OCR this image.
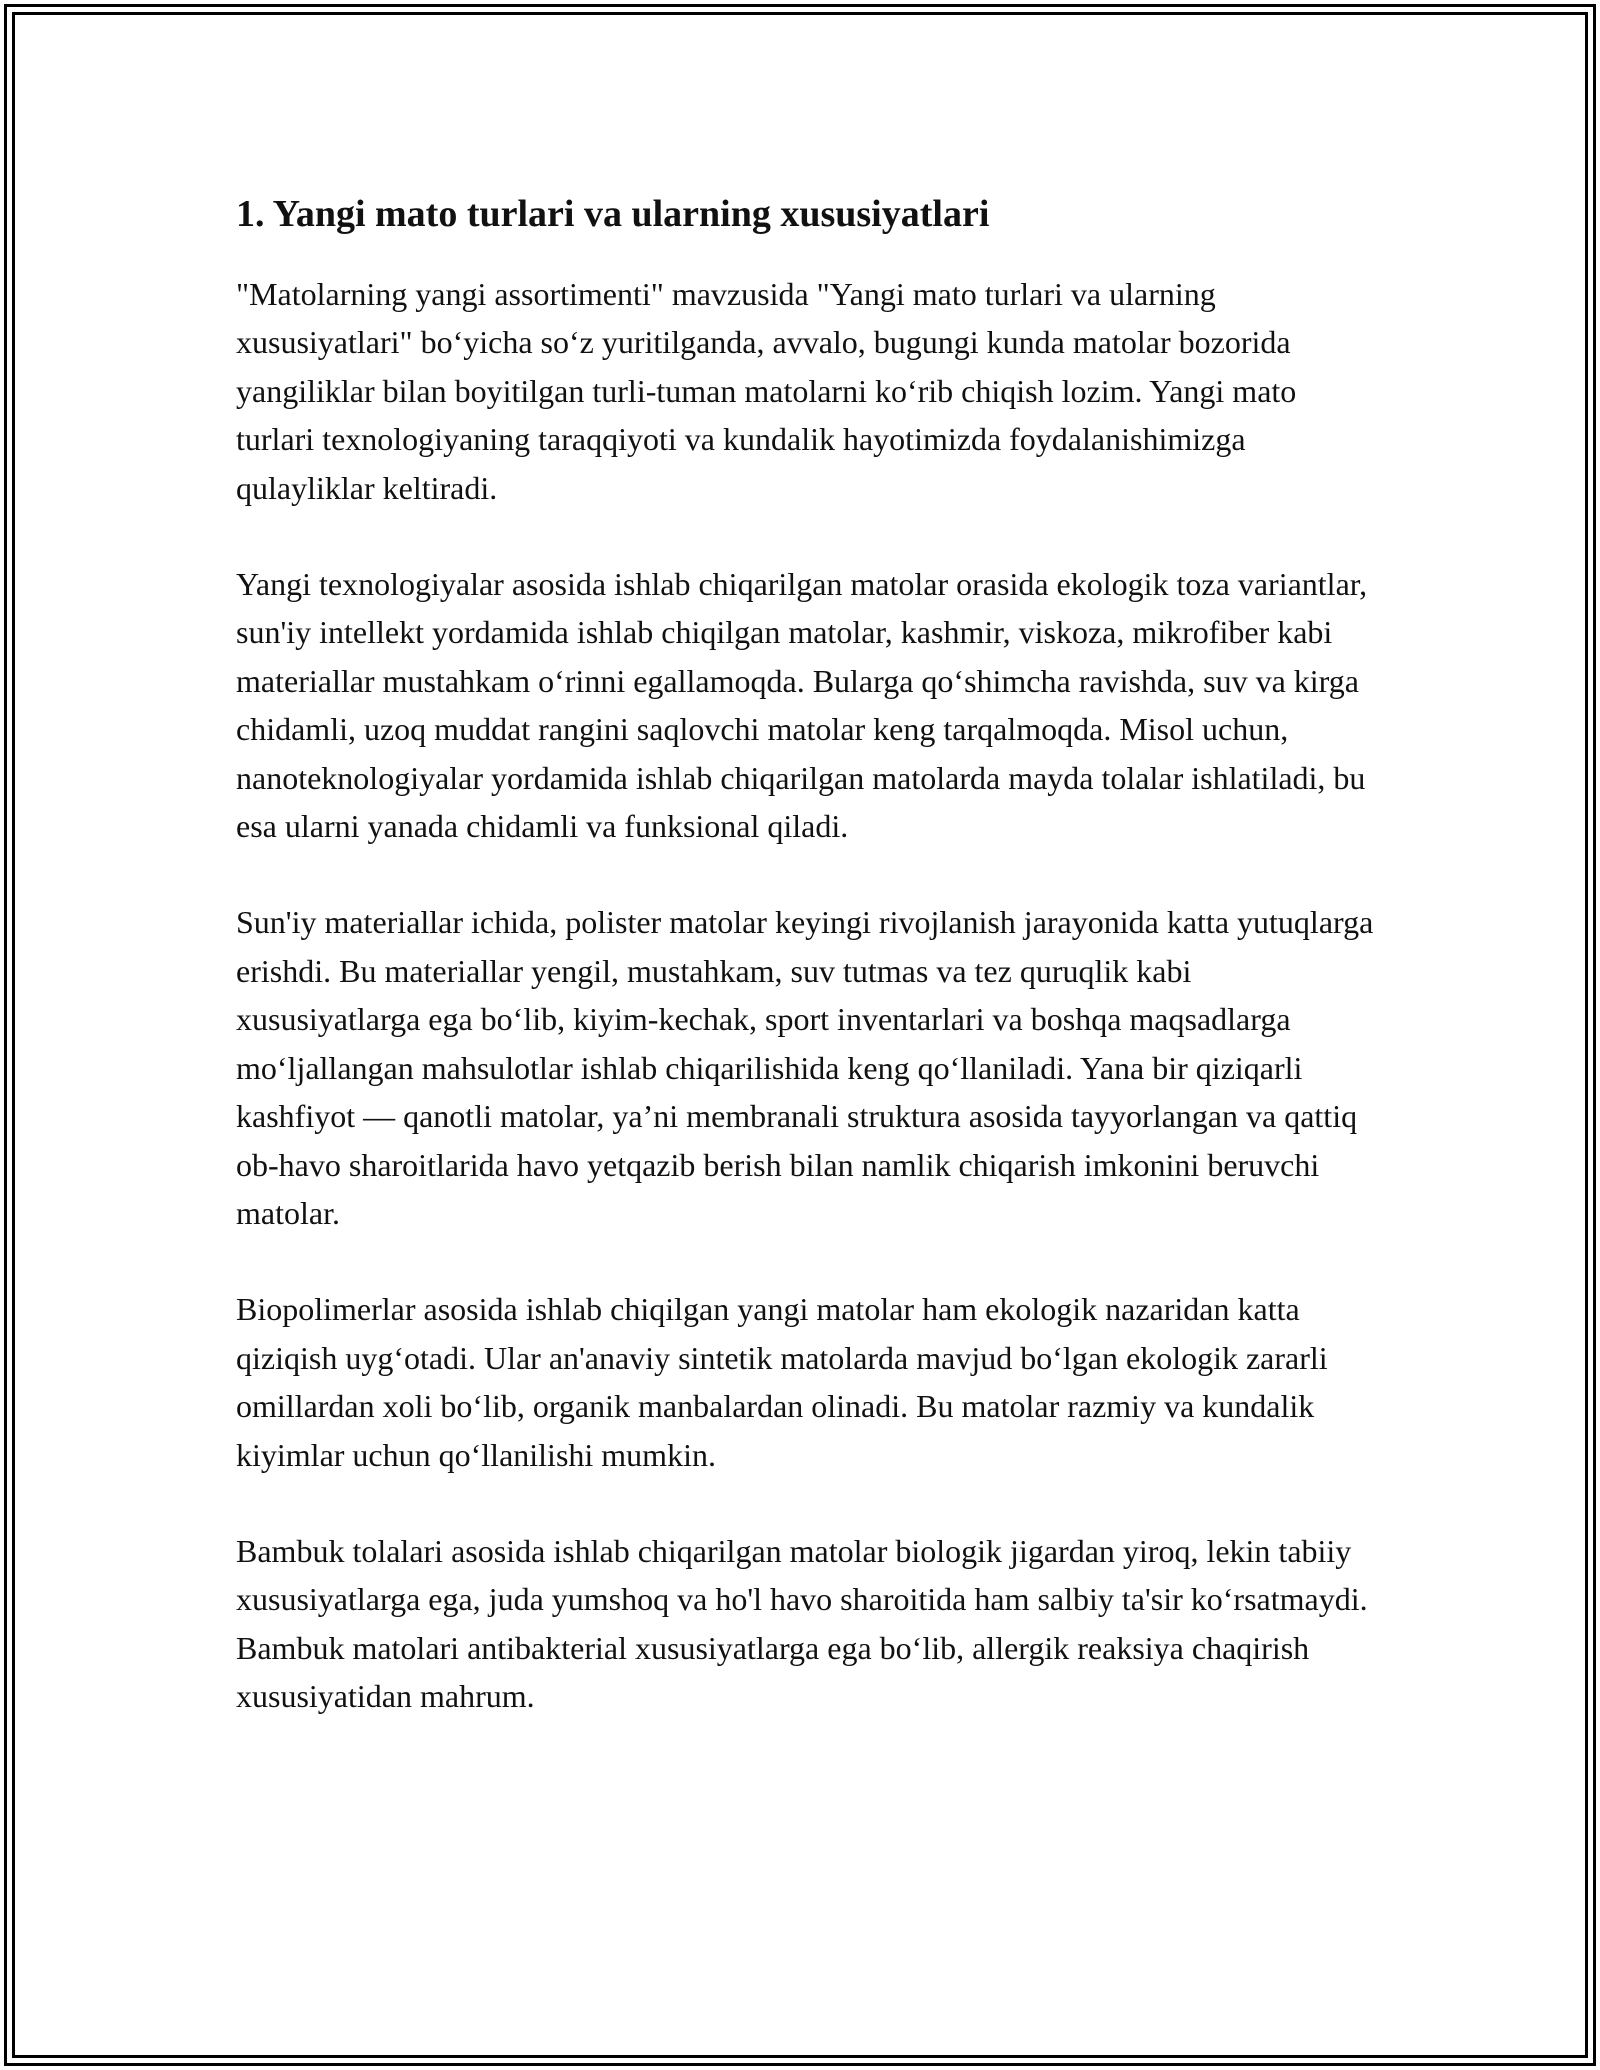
1. Yangi mato turlari va ularning xususiyatlari

"Matolarning yangi assortimenti" mavzusida "Yangi mato turlari va ularning xususiyatlari" bo‘yicha so‘z yuritilganda, avvalo, bugungi kunda matolar bozorida yangiliklar bilan boyitilgan turli-tuman matolarni ko‘rib chiqish lozim. Yangi mato turlari texnologiyaning taraqqiyoti va kundalik hayotimizda foydalanishimizga qulayliklar keltiradi.

Yangi texnologiyalar asosida ishlab chiqarilgan matolar orasida ekologik toza variantlar, sun'iy intellekt yordamida ishlab chiqilgan matolar, kashmir, viskoza, mikrofiber kabi materiallar mustahkam o‘rinni egallamoqda. Bularga qo‘shimcha ravishda, suv va kirga chidamli, uzoq muddat rangini saqlovchi matolar keng tarqalmoqda. Misol uchun, nanoteknologiyalar yordamida ishlab chiqarilgan matolarda mayda tolalar ishlatiladi, bu esa ularni yanada chidamli va funksional qiladi.

Sun'iy materiallar ichida, polister matolar keyingi rivojlanish jarayonida katta yutuqlarga erishdi. Bu materiallar yengil, mustahkam, suv tutmas va tez quruqlik kabi xususiyatlarga ega bo‘lib, kiyim-kechak, sport inventarlari va boshqa maqsadlarga mo‘ljallangan mahsulotlar ishlab chiqarilishida keng qo‘llaniladi. Yana bir qiziqarli kashfiyot — qanotli matolar, ya’ni membranali struktura asosida tayyorlangan va qattiq ob-havo sharoitlarida havo yetqazib berish bilan namlik chiqarish imkonini beruvchi matolar.

Biopolimerlar asosida ishlab chiqilgan yangi matolar ham ekologik nazaridan katta qiziqish uyg‘otadi. Ular an'anaviy sintetik matolarda mavjud bo‘lgan ekologik zararli omillardan xoli bo‘lib, organik manbalardan olinadi. Bu matolar razmiy va kundalik kiyimlar uchun qo‘llanilishi mumkin.

Bambuk tolalari asosida ishlab chiqarilgan matolar biologik jigardan yiroq, lekin tabiiy xususiyatlarga ega, juda yumshoq va ho'l havo sharoitida ham salbiy ta'sir ko‘rsatmaydi. Bambuk matolari antibakterial xususiyatlarga ega bo‘lib, allergik reaksiya chaqirish xususiyatidan mahrum.
